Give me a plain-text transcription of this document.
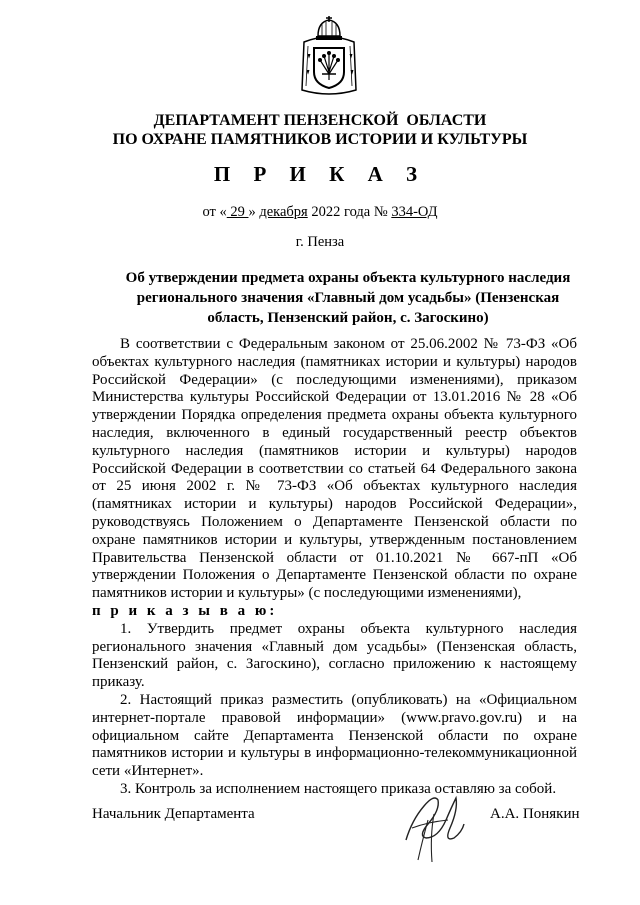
ДЕПАРТАМЕНТ ПЕНЗЕНСКОЙ  ОБЛАСТИ
ПО ОХРАНЕ ПАМЯТНИКОВ ИСТОРИИ И КУЛЬТУРЫ
П Р И К А З
от « 29 » декабря 2022 года № 334-ОД
г. Пенза
Об утверждении предмета охраны объекта культурного наследия регионального значения «Главный дом усадьбы» (Пензенская область, Пензенский район, с. Загоскино)

В соответствии с Федеральным законом от 25.06.2002 № 73-ФЗ «Об объектах культурного наследия (памятниках истории и культуры) народов Российской Федерации» (с последующими изменениями), приказом Министерства культуры Российской Федерации от 13.01.2016 № 28 «Об утверждении Порядка определения предмета охраны объекта культурного наследия, включенного в единый государственный реестр объектов культурного наследия (памятников истории и культуры) народов Российской Федерации в соответствии со статьей 64 Федерального закона от 25 июня 2002 г. № 73-ФЗ «Об объектах культурного наследия (памятниках истории и культуры) народов Российской Федерации», руководствуясь Положением о Департаменте Пензенской области по охране памятников истории и культуры, утвержденным постановлением Правительства Пензенской области от 01.10.2021 № 667-пП «Об утверждении Положения о Департаменте Пензенской области по охране памятников истории и культуры» (с последующими изменениями),

п р и к а з ы в а ю:

1. Утвердить предмет охраны объекта культурного наследия регионального значения «Главный дом усадьбы» (Пензенская область, Пензенский район, с. Загоскино), согласно приложению к настоящему приказу.

2. Настоящий приказ разместить (опубликовать) на «Официальном интернет-портале правовой информации» (www.pravo.gov.ru) и на официальном сайте Департамента Пензенской области по охране памятников истории и культуры в информационно-телекоммуникационной сети «Интернет».

3. Контроль за исполнением настоящего приказа оставляю за собой.

Начальник Департамента	А.А. Понякин
